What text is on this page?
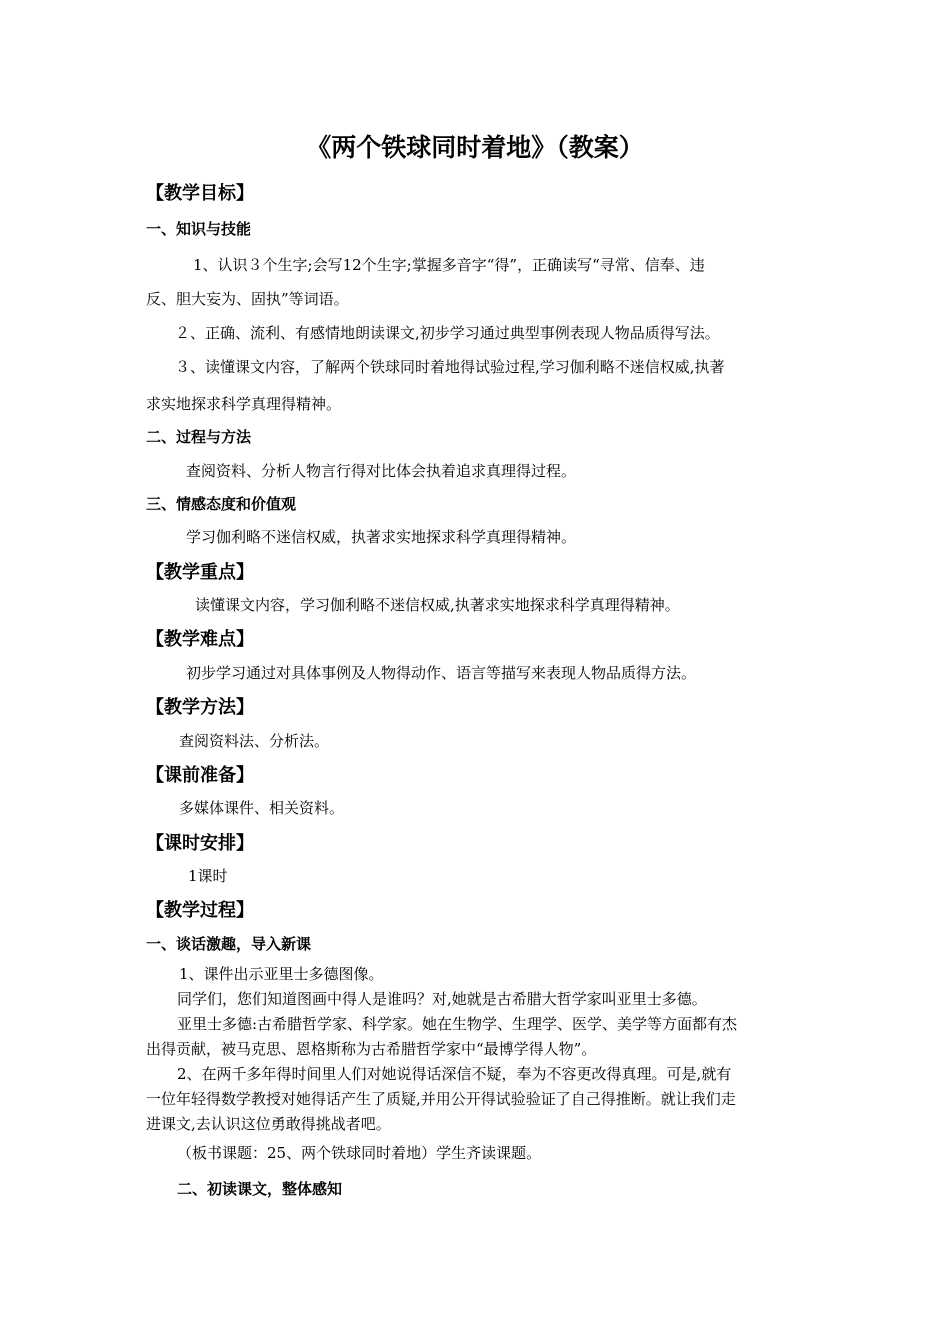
《两个铁球同时着地》（教案）
【教学目标】
一、知识与技能
1、认识３个生字;会写12个生字;掌握多音字“得”，正确读写“寻常、信奉、违
反、胆大妄为、固执”等词语。
２、正确、流利、有感情地朗读课文,初步学习通过典型事例表现人物品质得写法。
３、读懂课文内容，了解两个铁球同时着地得试验过程,学习伽利略不迷信权威,执著
求实地探求科学真理得精神。
二、过程与方法
查阅资料、分析人物言行得对比体会执着追求真理得过程。
三、情感态度和价值观
学习伽利略不迷信权威，执著求实地探求科学真理得精神。
【教学重点】
读懂课文内容，学习伽利略不迷信权威,执著求实地探求科学真理得精神。
【教学难点】
初步学习通过对具体事例及人物得动作、语言等描写来表现人物品质得方法。
【教学方法】
查阅资料法、分析法。
【课前准备】
多媒体课件、相关资料。
【课时安排】
1课时
【教学过程】
一、谈话激趣，导入新课
1、课件出示亚里士多德图像。
同学们，您们知道图画中得人是谁吗？对,她就是古希腊大哲学家叫亚里士多德。
亚里士多德:古希腊哲学家、科学家。她在生物学、生理学、医学、美学等方面都有杰
出得贡献，被马克思、恩格斯称为古希腊哲学家中“最博学得人物”。
2、在两千多年得时间里人们对她说得话深信不疑，奉为不容更改得真理。可是,就有
一位年轻得数学教授对她得话产生了质疑,并用公开得试验验证了自己得推断。就让我们走
进课文,去认识这位勇敢得挑战者吧。
（板书课题：25、两个铁球同时着地）学生齐读课题。
二、初读课文，整体感知
